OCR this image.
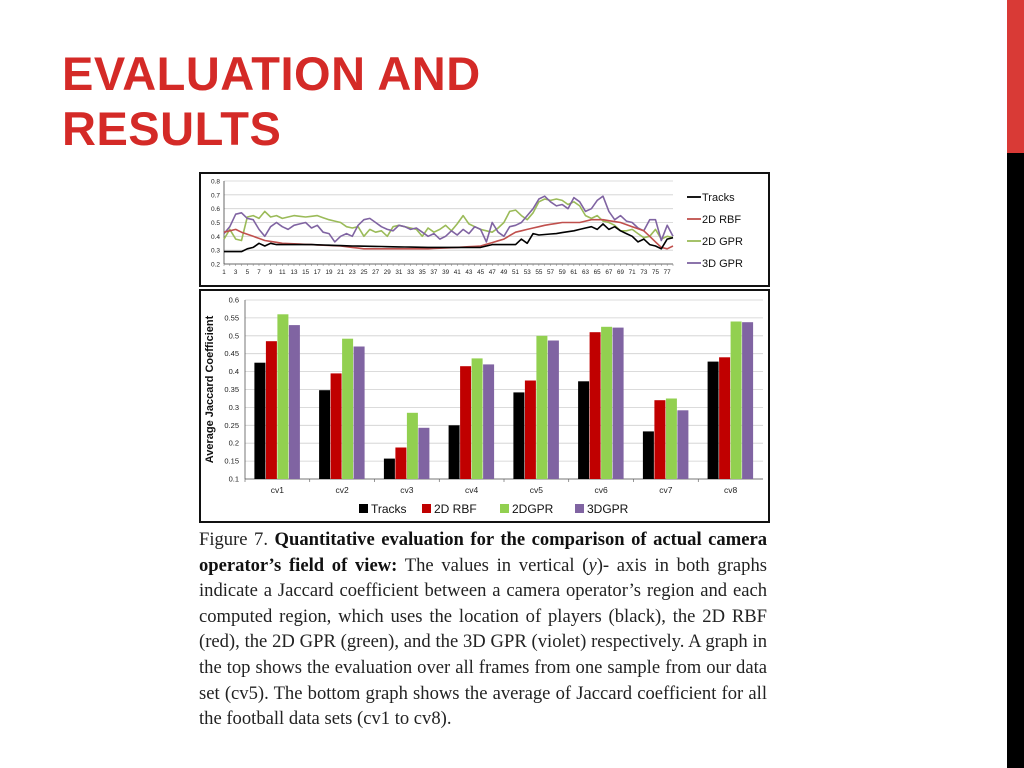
EVALUATION AND
RESULTS
0.2
0.3
0.4
0.5
0.6
0.7
0.8
1 3 5 7 9 11 13 15 17 19 21 23 25 27 29 31 33 35 37 39 41 43 45 47 49 51 53 55 57 59 61 63 65 67 69 71 73 75 77
Tracks
2D RBF
2D GPR
3D GPR
0.1
0.15
0.2
0.25
0.3
0.35
0.4
0.45
0.5
0.55
0.6
Average Jaccard Coefficient
cv1	cv2	cv3	cv4	cv5	cv6	cv7	cv8
Tracks 2D RBF	2DGPR	3DGPR

Figure 7. Quantitative evaluation for the comparison of actual camera operator’s field of view: The values in vertical (y)- axis in both graphs indicate a Jaccard coefficient between a camera operator’s region and each computed region, which uses the location of players (black), the 2D RBF (red), the 2D GPR (green), and the 3D GPR (violet) respectively. A graph in the top shows the evaluation over all frames from one sample from our data set (cv5). The bottom graph shows the average of Jaccard coefficient for all the football data sets (cv1 to cv8).
